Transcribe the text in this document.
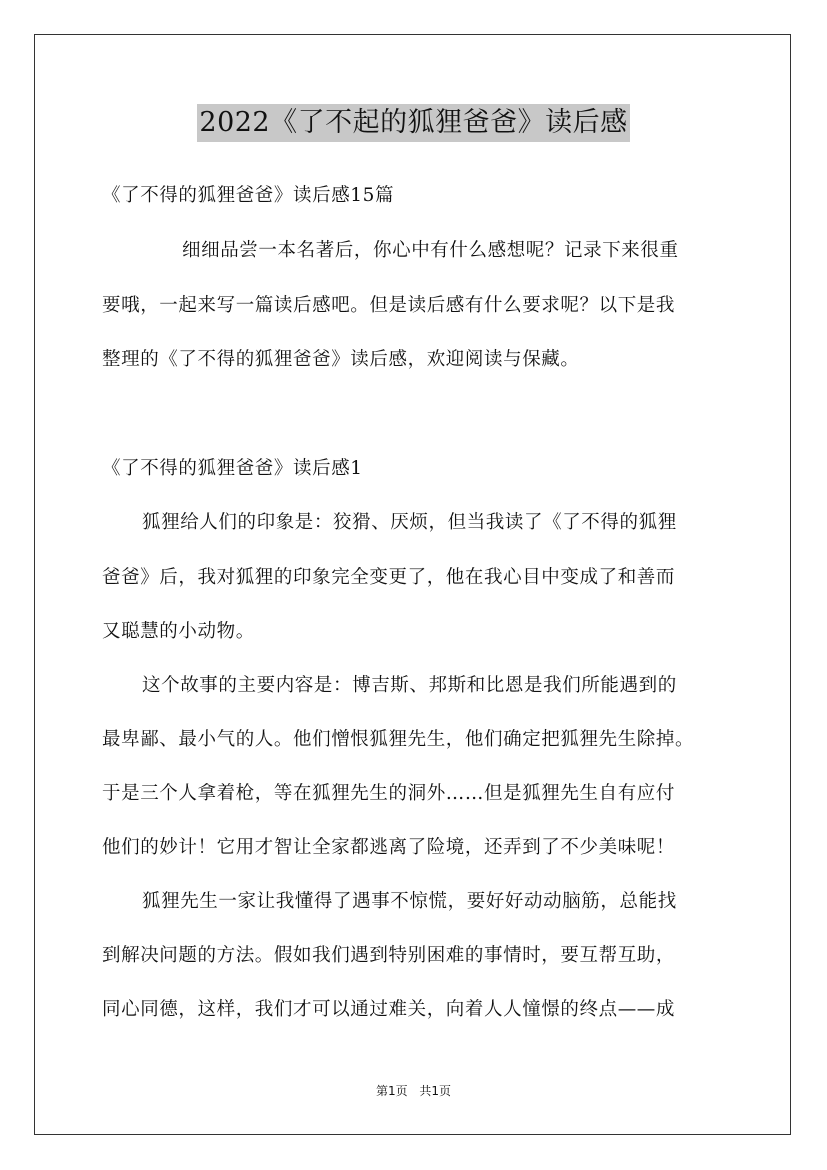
2022《了不起的狐狸爸爸》读后感
《了不得的狐狸爸爸》读后感15篇
细细品尝一本名著后，你心中有什么感想呢？记录下来很重
要哦，一起来写一篇读后感吧。但是读后感有什么要求呢？以下是我
整理的《了不得的狐狸爸爸》读后感，欢迎阅读与保藏。
《了不得的狐狸爸爸》读后感1
狐狸给人们的印象是：狡猾、厌烦，但当我读了《了不得的狐狸
爸爸》后，我对狐狸的印象完全变更了，他在我心目中变成了和善而
又聪慧的小动物。
这个故事的主要内容是：博吉斯、邦斯和比恩是我们所能遇到的
最卑鄙、最小气的人。他们憎恨狐狸先生，他们确定把狐狸先生除掉。
于是三个人拿着枪，等在狐狸先生的洞外……但是狐狸先生自有应付
他们的妙计！它用才智让全家都逃离了险境，还弄到了不少美味呢！
狐狸先生一家让我懂得了遇事不惊慌，要好好动动脑筋，总能找
到解决问题的方法。假如我们遇到特别困难的事情时，要互帮互助，
同心同德，这样，我们才可以通过难关，向着人人憧憬的终点——成
第1页 共1页
